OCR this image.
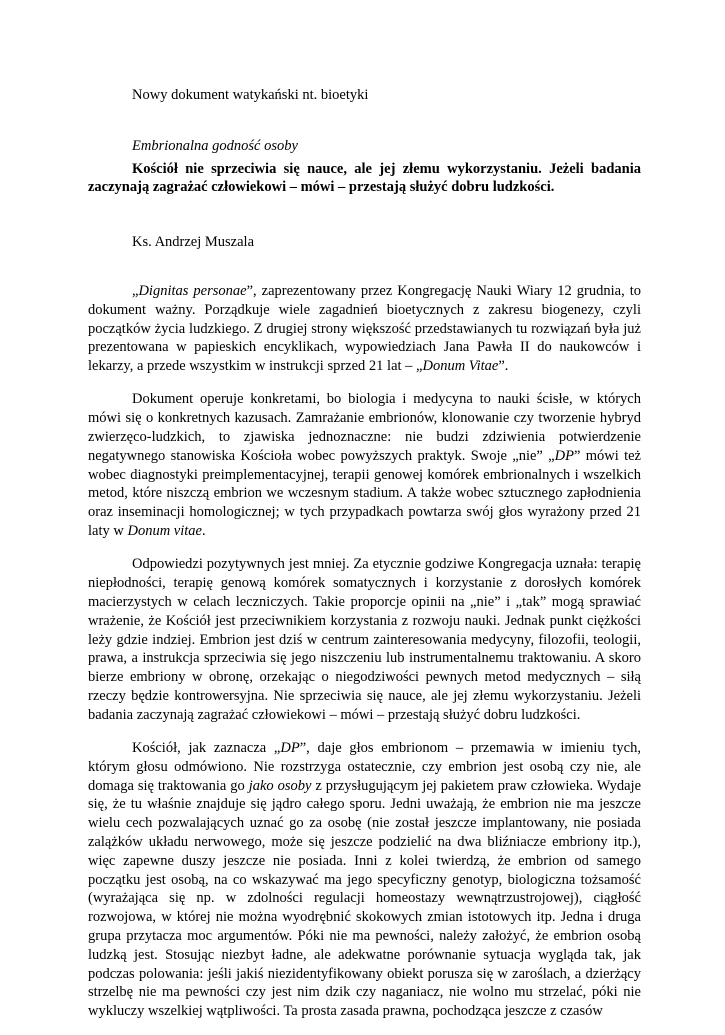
Nowy dokument watykański nt. bioetyki

Embrionalna godność osoby

Kościół nie sprzeciwia się nauce, ale jej złemu wykorzystaniu. Jeżeli badania zaczynają zagrażać człowiekowi – mówi – przestają służyć dobru ludzkości.

Ks. Andrzej Muszala

„Dignitas personae”, zaprezentowany przez Kongregację Nauki Wiary 12 grudnia, to dokument ważny. Porządkuje wiele zagadnień bioetycznych z zakresu biogenezy, czyli początków życia ludzkiego. Z drugiej strony większość przedstawianych tu rozwiązań była już prezentowana w papieskich encyklikach, wypowiedziach Jana Pawła II do naukowców i lekarzy, a przede wszystkim w instrukcji sprzed 21 lat – „Donum Vitae”.

Dokument operuje konkretami, bo biologia i medycyna to nauki ścisłe, w których mówi się o konkretnych kazusach. Zamrażanie embrionów, klonowanie czy tworzenie hybryd zwierzęco-ludzkich, to zjawiska jednoznaczne: nie budzi zdziwienia potwierdzenie negatywnego stanowiska Kościoła wobec powyższych praktyk. Swoje „nie” „DP” mówi też wobec diagnostyki preimplementacyjnej, terapii genowej komórek embrionalnych i wszelkich metod, które niszczą embrion we wczesnym stadium. A także wobec sztucznego zapłodnienia oraz inseminacji homologicznej; w tych przypadkach powtarza swój głos wyrażony przed 21 laty w Donum vitae.

Odpowiedzi pozytywnych jest mniej. Za etycznie godziwe Kongregacja uznała: terapię niepłodności, terapię genową komórek somatycznych i korzystanie z dorosłych komórek macierzystych w celach leczniczych. Takie proporcje opinii na „nie” i „tak” mogą sprawiać wrażenie, że Kościół jest przeciwnikiem korzystania z rozwoju nauki. Jednak punkt ciężkości leży gdzie indziej. Embrion jest dziś w centrum zainteresowania medycyny, filozofii, teologii, prawa, a instrukcja sprzeciwia się jego niszczeniu lub instrumentalnemu traktowaniu. A skoro bierze embriony w obronę, orzekając o niegodziwości pewnych metod medycznych – siłą rzeczy będzie kontrowersyjna. Nie sprzeciwia się nauce, ale jej złemu wykorzystaniu. Jeżeli badania zaczynają zagrażać człowiekowi – mówi – przestają służyć dobru ludzkości.

Kościół, jak zaznacza „DP”, daje głos embrionom – przemawia w imieniu tych, którym głosu odmówiono. Nie rozstrzyga ostatecznie, czy embrion jest osobą czy nie, ale domaga się traktowania go jako osoby z przysługującym jej pakietem praw człowieka. Wydaje się, że tu właśnie znajduje się jądro całego sporu. Jedni uważają, że embrion nie ma jeszcze wielu cech pozwalających uznać go za osobę (nie został jeszcze implantowany, nie posiada zalążków układu nerwowego, może się jeszcze podzielić na dwa bliźniacze embriony itp.), więc zapewne duszy jeszcze nie posiada. Inni z kolei twierdzą, że embrion od samego początku jest osobą, na co wskazywać ma jego specyficzny genotyp, biologiczna tożsamość (wyrażająca się np. w zdolności regulacji homeostazy wewnątrzustrojowej), ciągłość rozwojowa, w której nie można wyodrębnić skokowych zmian istotowych itp. Jedna i druga grupa przytacza moc argumentów. Póki nie ma pewności, należy założyć, że embrion osobą ludzką jest. Stosując niezbyt ładne, ale adekwatne porównanie sytuacja wygląda tak, jak podczas polowania: jeśli jakiś niezidentyfikowany obiekt porusza się w zaroślach, a dzierżący strzelbę nie ma pewności czy jest nim dzik czy naganiacz, nie wolno mu strzelać, póki nie wykluczy wszelkiej wątpliwości. Ta prosta zasada prawna, pochodząca jeszcze z czasów
